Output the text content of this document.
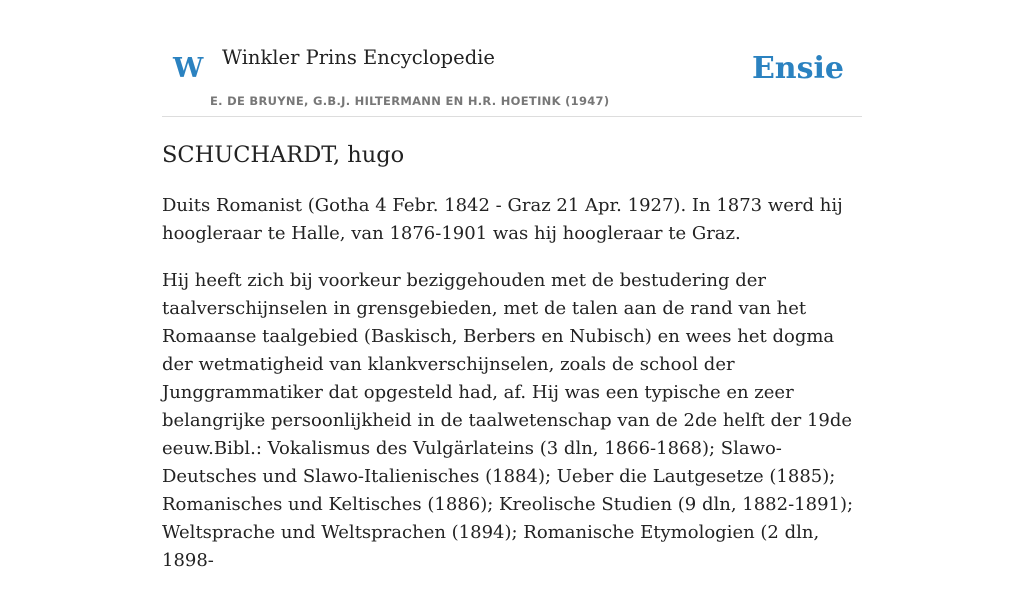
W Winkler Prins Encyclopedie
E. DE BRUYNE, G.B.J. HILTERMANN EN H.R. HOETINK (1947)
Ensie
SCHUCHARDT, hugo

Duits Romanist (Gotha 4 Febr. 1842 - Graz 21 Apr. 1927). In 1873 werd hij hoogleraar te Halle, van 1876-1901 was hij hoogleraar te Graz.

Hij heeft zich bij voorkeur beziggehouden met de bestudering der taalverschijnselen in grensgebieden, met de talen aan de rand van het Romaanse taalgebied (Baskisch, Berbers en Nubisch) en wees het dogma der wetmatigheid van klankverschijnselen, zoals de school der Junggrammatiker dat opgesteld had, af. Hij was een typische en zeer belangrijke persoonlijkheid in de taalwetenschap van de 2de helft der 19de eeuw.Bibl.: Vokalismus des Vulgärlateins (3 dln, 1866-1868); Slawo-Deutsches und Slawo-Italienisches (1884); Ueber die Lautgesetze (1885); Romanisches und Keltisches (1886); Kreolische Studien (9 dln, 1882-1891); Weltsprache und Weltsprachen (1894); Romanische Etymologien (2 dln, 1898-
